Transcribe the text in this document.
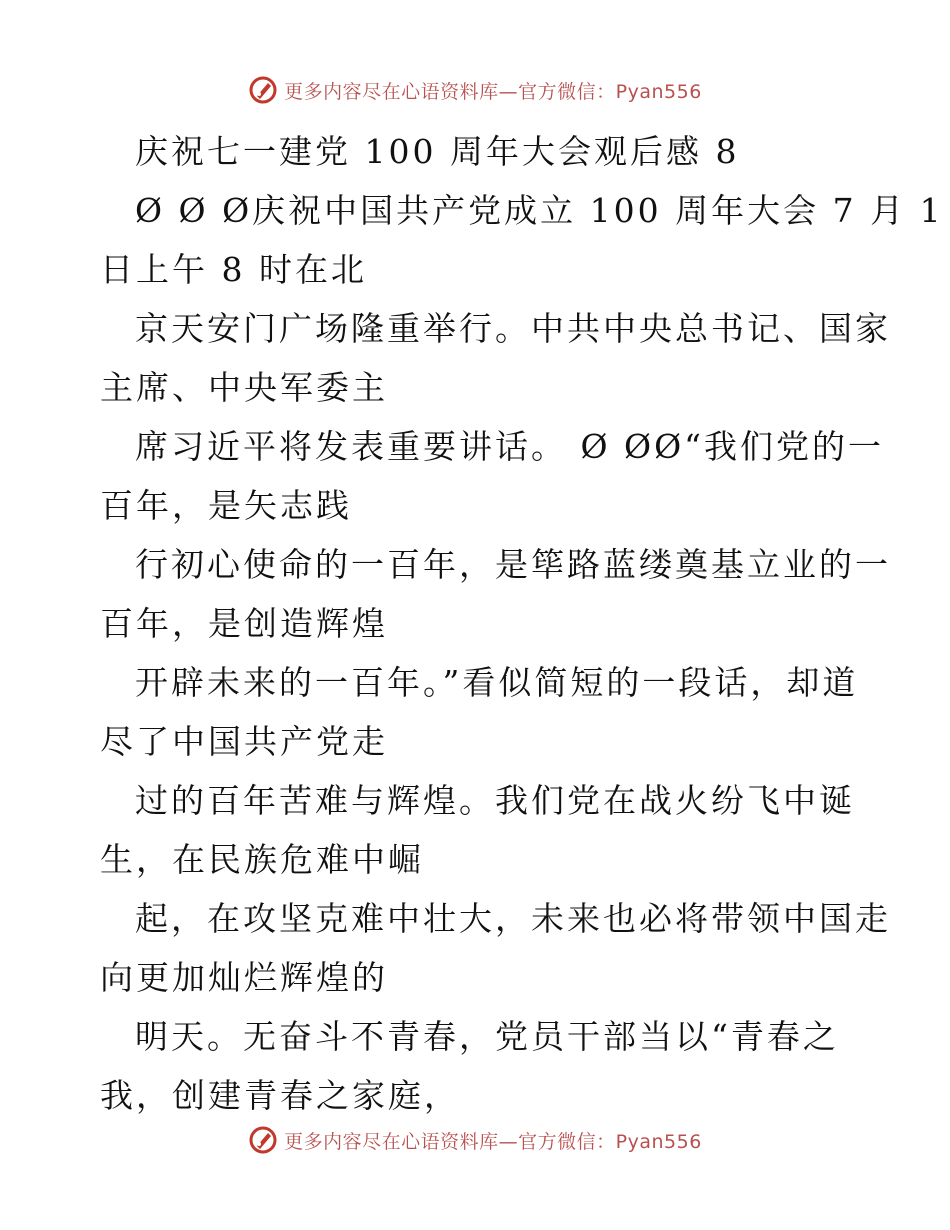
更多内容尽在心语资料库—官方微信：Pyan556
庆祝七一建党 100 周年大会观后感 8
Ø Ø Ø庆祝中国共产党成立 100 周年大会 7 月 1
日上午 8 时在北
京天安门广场隆重举行。中共中央总书记、国家
主席、中央军委主
席习近平将发表重要讲话。 Ø ØØ“我们党的一
百年，是矢志践
行初心使命的一百年，是筚路蓝缕奠基立业的一
百年，是创造辉煌
开辟未来的一百年。”看似简短的一段话，却道
尽了中国共产党走
过的百年苦难与辉煌。我们党在战火纷飞中诞
生，在民族危难中崛
起，在攻坚克难中壮大，未来也必将带领中国走
向更加灿烂辉煌的
明天。无奋斗不青春，党员干部当以“青春之
我，创建青春之家庭，
更多内容尽在心语资料库—官方微信：Pyan556
